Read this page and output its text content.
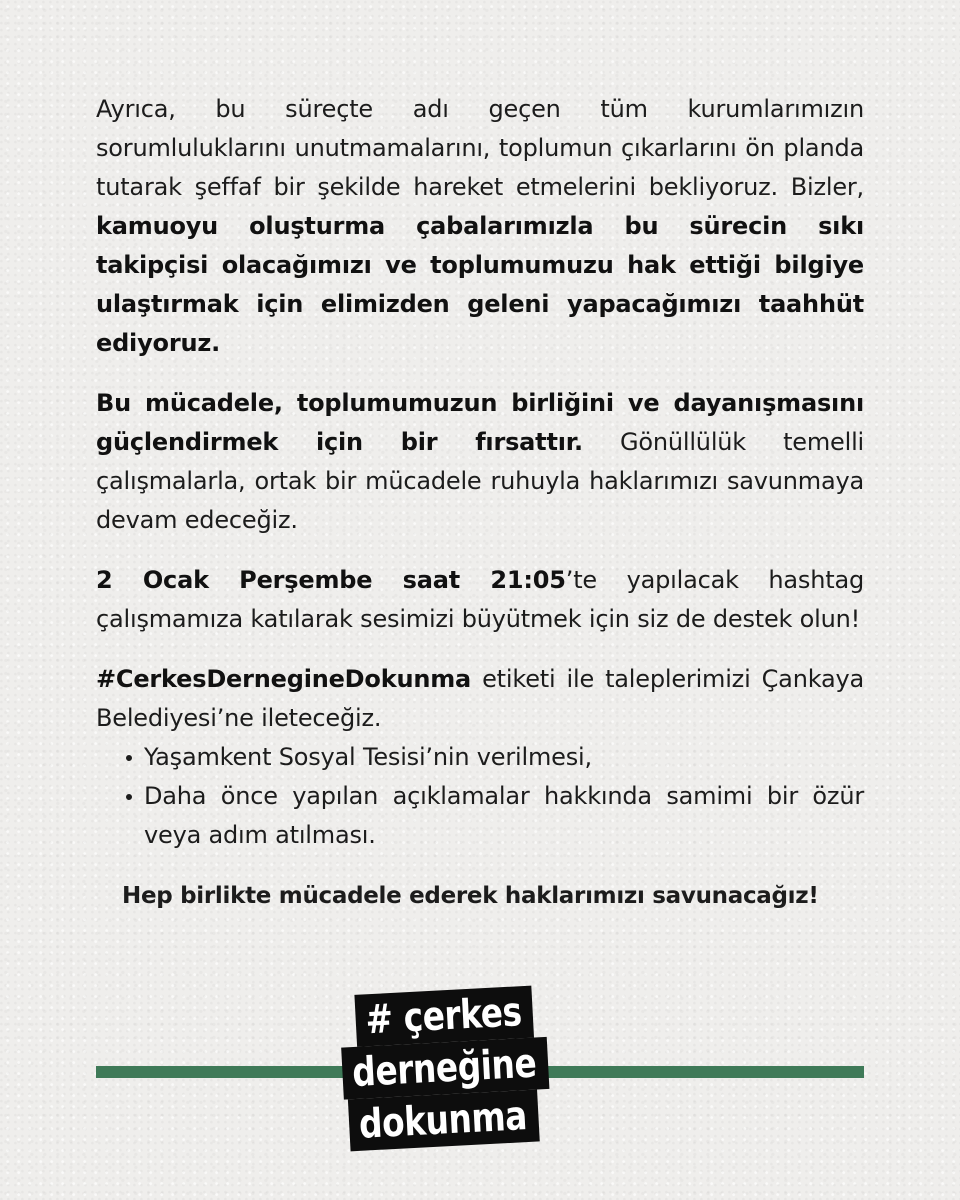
Ayrıca, bu süreçte adı geçen tüm kurumlarımızın sorumluluklarını unutmamalarını, toplumun çıkarlarını ön planda tutarak şeffaf bir şekilde hareket etmelerini bekliyoruz. Bizler, kamuoyu oluşturma çabalarımızla bu sürecin sıkı takipçisi olacağımızı ve toplumumuzu hak ettiği bilgiye ulaştırmak için elimizden geleni yapacağımızı taahhüt ediyoruz.

Bu mücadele, toplumumuzun birliğini ve dayanışmasını güçlendirmek için bir fırsattır. Gönüllülük temelli çalışmalarla, ortak bir mücadele ruhuyla haklarımızı savunmaya devam edeceğiz.

2 Ocak Perşembe saat 21:05’te yapılacak hashtag çalışmamıza katılarak sesimizi büyütmek için siz de destek olun!

#CerkesDernegineDokunma etiketi ile taleplerimizi Çankaya Belediyesi’ne ileteceğiz.

Yaşamkent Sosyal Tesisi’nin verilmesi,
Daha önce yapılan açıklamalar hakkında samimi bir özür veya adım atılması.

Hep birlikte mücadele ederek haklarımızı savunacağız!

# çerkes
derneğine
dokunma
